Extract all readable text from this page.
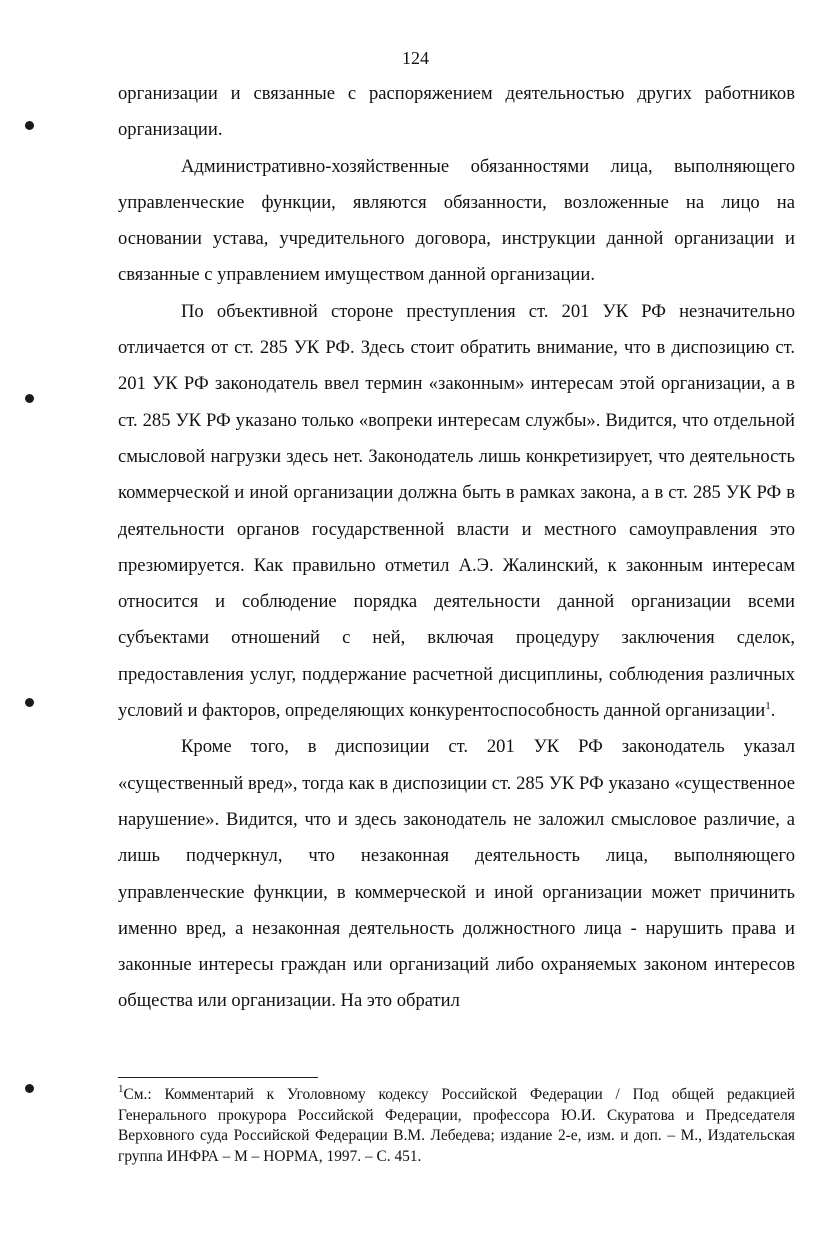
124

организации и связанные с распоряжением деятельностью других работников организации.

Административно-хозяйственные обязанностями лица, выполняющего управленческие функции, являются обязанности, возложенные на лицо на основании устава, учредительного договора, инструкции данной организации и связанные с управлением имуществом данной организации.

По объективной стороне преступления ст. 201 УК РФ незначительно отличается от ст. 285 УК РФ. Здесь стоит обратить внимание, что в диспозицию ст. 201 УК РФ законодатель ввел термин «законным» интересам этой организации, а в ст. 285 УК РФ указано только «вопреки интересам службы». Видится, что отдельной смысловой нагрузки здесь нет. Законодатель лишь конкретизирует, что деятельность коммерческой и иной организации должна быть в рамках закона, а в ст. 285 УК РФ в деятельности органов государственной власти и местного самоуправления это презюмируется. Как правильно отметил А.Э. Жалинский, к законным интересам относится и соблюдение порядка деятельности данной организации всеми субъектами отношений с ней, включая процедуру заключения сделок, предоставления услуг, поддержание расчетной дисциплины, соблюдения различных условий и факторов, определяющих конкурентоспособность данной организации$^1$.

Кроме того, в диспозиции ст. 201 УК РФ законодатель указал «существенный вред», тогда как в диспозиции ст. 285 УК РФ указано «существенное нарушение». Видится, что и здесь законодатель не заложил смысловое различие, а лишь подчеркнул, что незаконная деятельность лица, выполняющего управленческие функции, в коммерческой и иной организации может причинить именно вред, а незаконная деятельность должностного лица - нарушить права и законные интересы граждан или организаций либо охраняемых законом интересов общества или организации. На это обратил

$^1$См.: Комментарий к Уголовному кодексу Российской Федерации / Под общей редакцией Генерального прокурора Российской Федерации, профессора Ю.И. Скуратова и Председателя Верховного суда Российской Федерации В.М. Лебедева; издание 2-е, изм. и доп. – М., Издательская группа ИНФРА – М – НОРМА, 1997. – С. 451.
